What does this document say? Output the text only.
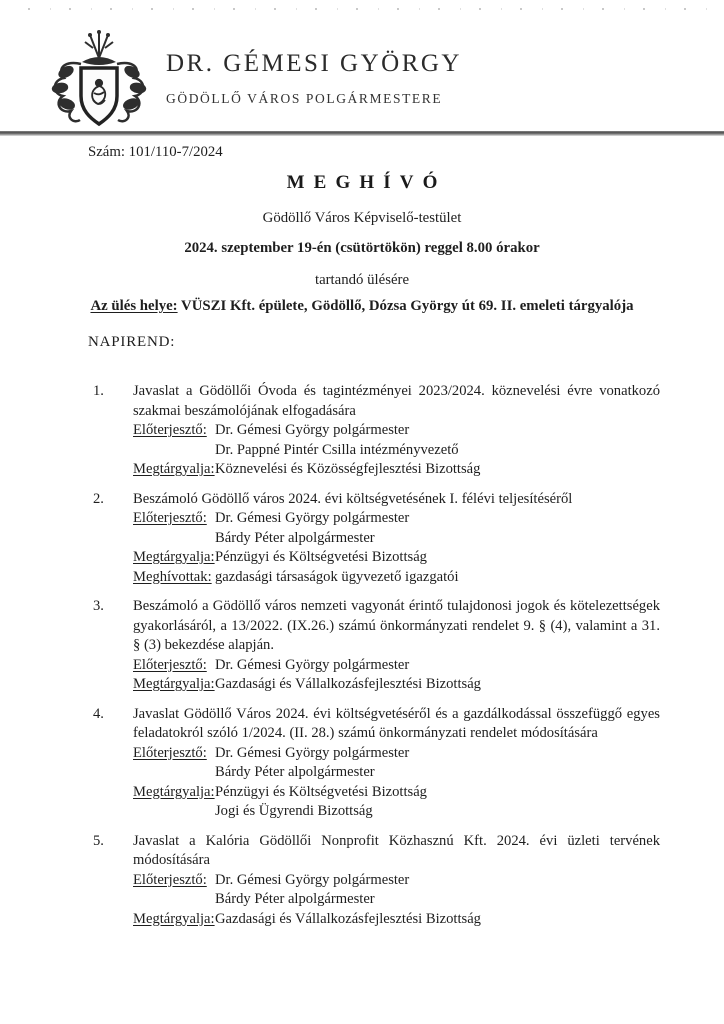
DR. GÉMESI GYÖRGY
GÖDÖLLŐ VÁROS POLGÁRMESTERE
Szám: 101/110-7/2024
MEGHÍVÓ
Gödöllő Város Képviselő-testület
2024. szeptember 19-én (csütörtökön) reggel 8.00 órakor
tartandó ülésére
Az ülés helye: VÜSZI Kft. épülete, Gödöllő, Dózsa György út 69. II. emeleti tárgyalója
NAPIREND:
1.	Javaslat a Gödöllői Óvoda és tagintézményei 2023/2024. köznevelési évre vonatkozó szakmai beszámolójának elfogadására
Előterjesztő: Dr. Gémesi György polgármester
Dr. Pappné Pintér Csilla intézményvezető
Megtárgyalja: Köznevelési és Közösségfejlesztési Bizottság
2.	Beszámoló Gödöllő város 2024. évi költségvetésének I. félévi teljesítéséről
Előterjesztő: Dr. Gémesi György polgármester
Bárdy Péter alpolgármester
Megtárgyalja: Pénzügyi és Költségvetési Bizottság
Meghívottak: gazdasági társaságok ügyvezető igazgatói
3.	Beszámoló a Gödöllő város nemzeti vagyonát érintő tulajdonosi jogok és kötelezettségek gyakorlásáról, a 13/2022. (IX.26.) számú önkormányzati rendelet 9. § (4), valamint a 31. § (3) bekezdése alapján.
Előterjesztő: Dr. Gémesi György polgármester
Megtárgyalja: Gazdasági és Vállalkozásfejlesztési Bizottság
4.	Javaslat Gödöllő Város 2024. évi költségvetéséről és a gazdálkodással összefüggő egyes feladatokról szóló 1/2024. (II. 28.) számú önkormányzati rendelet módosítására
Előterjesztő: Dr. Gémesi György polgármester
Bárdy Péter alpolgármester
Megtárgyalja: Pénzügyi és Költségvetési Bizottság
Jogi és Ügyrendi Bizottság
5.	Javaslat a Kalória Gödöllői Nonprofit Közhasznú Kft. 2024. évi üzleti tervének módosítására
Előterjesztő: Dr. Gémesi György polgármester
Bárdy Péter alpolgármester
Megtárgyalja: Gazdasági és Vállalkozásfejlesztési Bizottság
